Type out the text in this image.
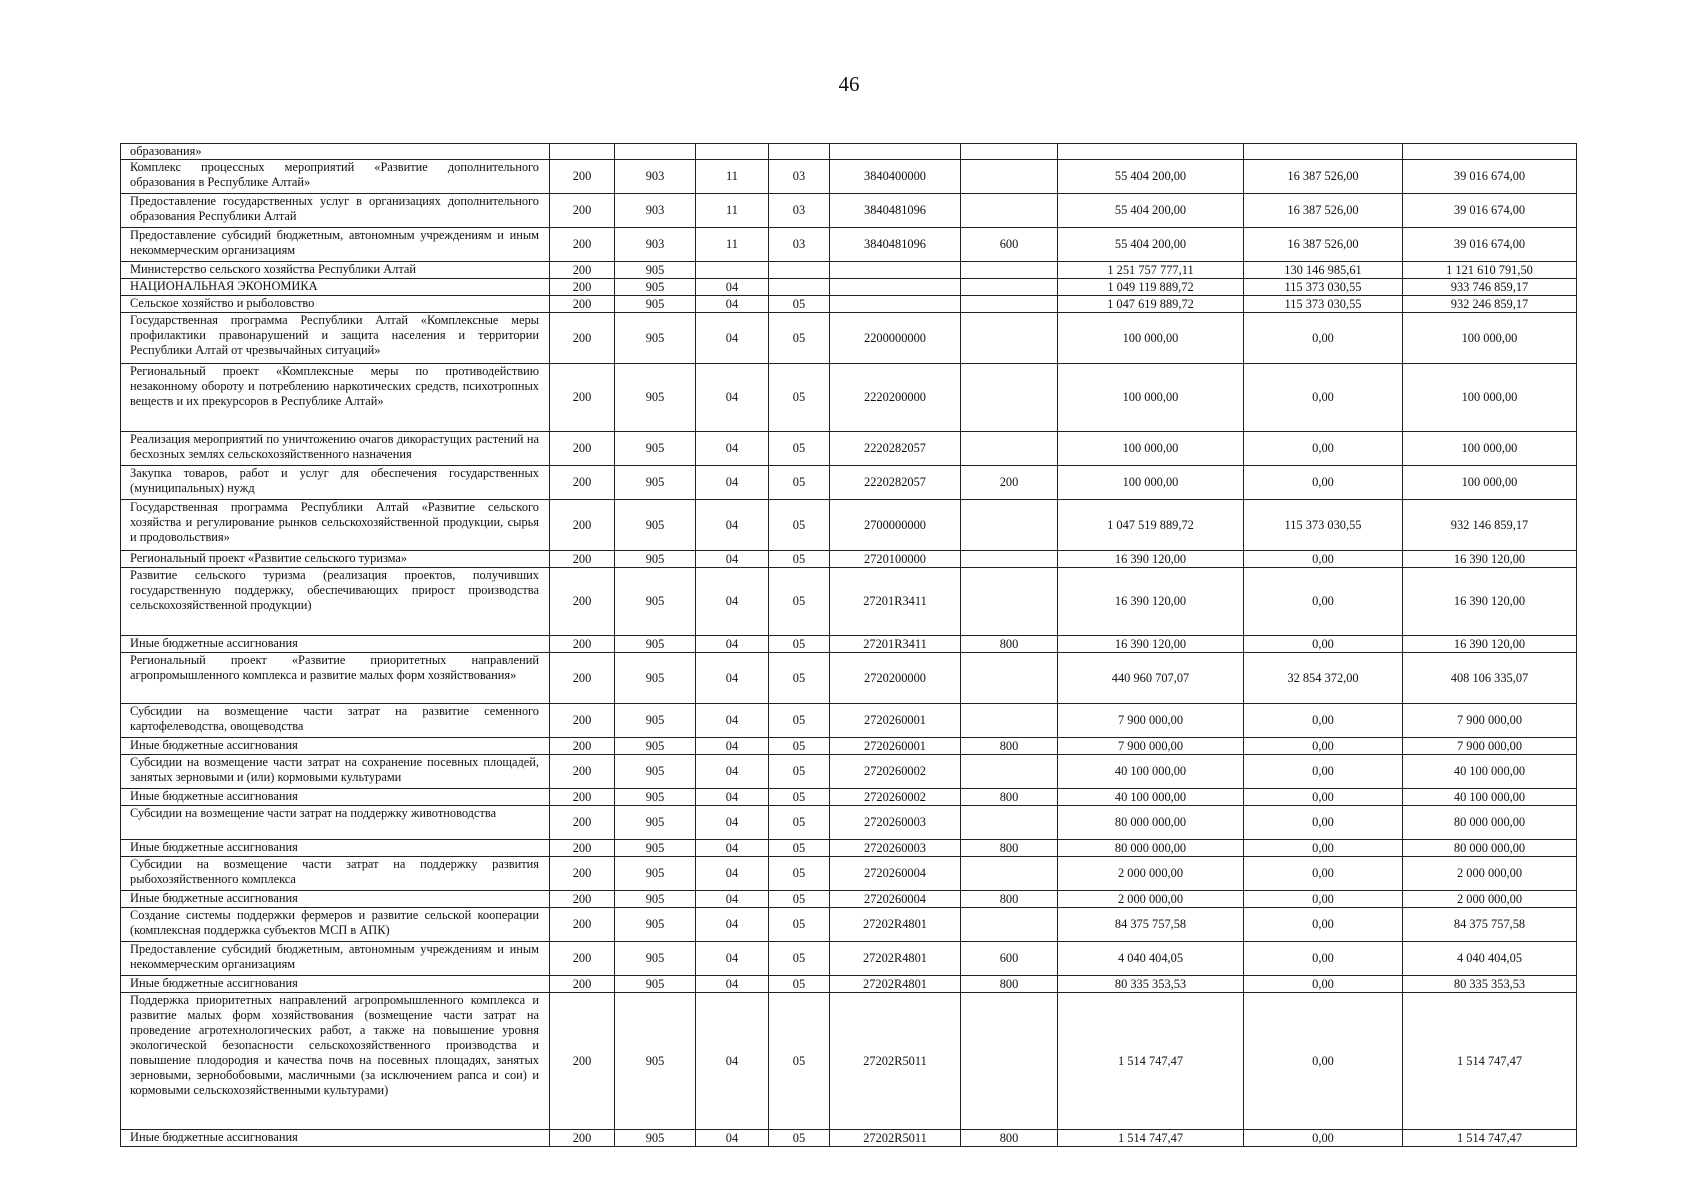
46
образования»									
Комплекс процессных мероприятий «Развитие дополнительного образования в Республике Алтай»	200	903	11	03	3840400000		55 404 200,00	16 387 526,00	39 016 674,00
Предоставление государственных услуг в организациях дополнительного образования Республики Алтай	200	903	11	03	3840481096		55 404 200,00	16 387 526,00	39 016 674,00
Предоставление субсидий бюджетным, автономным учреждениям и иным некоммерческим организациям	200	903	11	03	3840481096	600	55 404 200,00	16 387 526,00	39 016 674,00
Министерство сельского хозяйства Республики Алтай	200	905					1 251 757 777,11	130 146 985,61	1 121 610 791,50
НАЦИОНАЛЬНАЯ ЭКОНОМИКА	200	905	04				1 049 119 889,72	115 373 030,55	933 746 859,17
Сельское хозяйство и рыболовство	200	905	04	05			1 047 619 889,72	115 373 030,55	932 246 859,17
Государственная программа Республики Алтай «Комплексные меры профилактики правонарушений и защита населения и территории Республики Алтай от чрезвычайных ситуаций»	200	905	04	05	2200000000		100 000,00	0,00	100 000,00
Региональный проект «Комплексные меры по противодействию незаконному обороту и потреблению наркотических средств, психотропных веществ и их прекурсоров в Республике Алтай»	200	905	04	05	2220200000		100 000,00	0,00	100 000,00
Реализация мероприятий по уничтожению очагов дикорастущих растений на бесхозных землях сельскохозяйственного назначения	200	905	04	05	2220282057		100 000,00	0,00	100 000,00
Закупка товаров, работ и услуг для обеспечения государственных (муниципальных) нужд	200	905	04	05	2220282057	200	100 000,00	0,00	100 000,00
Государственная программа Республики Алтай «Развитие сельского хозяйства и регулирование рынков сельскохозяйственной продукции, сырья и продовольствия»	200	905	04	05	2700000000		1 047 519 889,72	115 373 030,55	932 146 859,17
Региональный проект «Развитие сельского туризма»	200	905	04	05	2720100000		16 390 120,00	0,00	16 390 120,00
Развитие сельского туризма (реализация проектов, получивших государственную поддержку, обеспечивающих прирост производства сельскохозяйственной продукции)	200	905	04	05	27201R3411		16 390 120,00	0,00	16 390 120,00
Иные бюджетные ассигнования	200	905	04	05	27201R3411	800	16 390 120,00	0,00	16 390 120,00
Региональный проект «Развитие приоритетных направлений агропромышленного комплекса и развитие малых форм хозяйствования»	200	905	04	05	2720200000		440 960 707,07	32 854 372,00	408 106 335,07
Субсидии на возмещение части затрат на развитие семенного картофелеводства, овощеводства	200	905	04	05	2720260001		7 900 000,00	0,00	7 900 000,00
Иные бюджетные ассигнования	200	905	04	05	2720260001	800	7 900 000,00	0,00	7 900 000,00
Субсидии на возмещение части затрат на сохранение посевных площадей, занятых зерновыми и (или) кормовыми культурами	200	905	04	05	2720260002		40 100 000,00	0,00	40 100 000,00
Иные бюджетные ассигнования	200	905	04	05	2720260002	800	40 100 000,00	0,00	40 100 000,00
Субсидии на возмещение части затрат на поддержку животноводства	200	905	04	05	2720260003		80 000 000,00	0,00	80 000 000,00
Иные бюджетные ассигнования	200	905	04	05	2720260003	800	80 000 000,00	0,00	80 000 000,00
Субсидии на возмещение части затрат на поддержку развития рыбохозяйственного комплекса	200	905	04	05	2720260004		2 000 000,00	0,00	2 000 000,00
Иные бюджетные ассигнования	200	905	04	05	2720260004	800	2 000 000,00	0,00	2 000 000,00
Создание системы поддержки фермеров и развитие сельской кооперации (комплексная поддержка субъектов МСП в АПК)	200	905	04	05	27202R4801		84 375 757,58	0,00	84 375 757,58
Предоставление субсидий бюджетным, автономным учреждениям и иным некоммерческим организациям	200	905	04	05	27202R4801	600	4 040 404,05	0,00	4 040 404,05
Иные бюджетные ассигнования	200	905	04	05	27202R4801	800	80 335 353,53	0,00	80 335 353,53
Поддержка приоритетных направлений агропромышленного комплекса и развитие малых форм хозяйствования (возмещение части затрат на проведение агротехнологических работ, а также на повышение уровня экологической безопасности сельскохозяйственного производства и повышение плодородия и качества почв на посевных площадях, занятых зерновыми, зернобобовыми, масличными (за исключением рапса и сои) и кормовыми сельскохозяйственными культурами)	200	905	04	05	27202R5011		1 514 747,47	0,00	1 514 747,47
Иные бюджетные ассигнования	200	905	04	05	27202R5011	800	1 514 747,47	0,00	1 514 747,47
